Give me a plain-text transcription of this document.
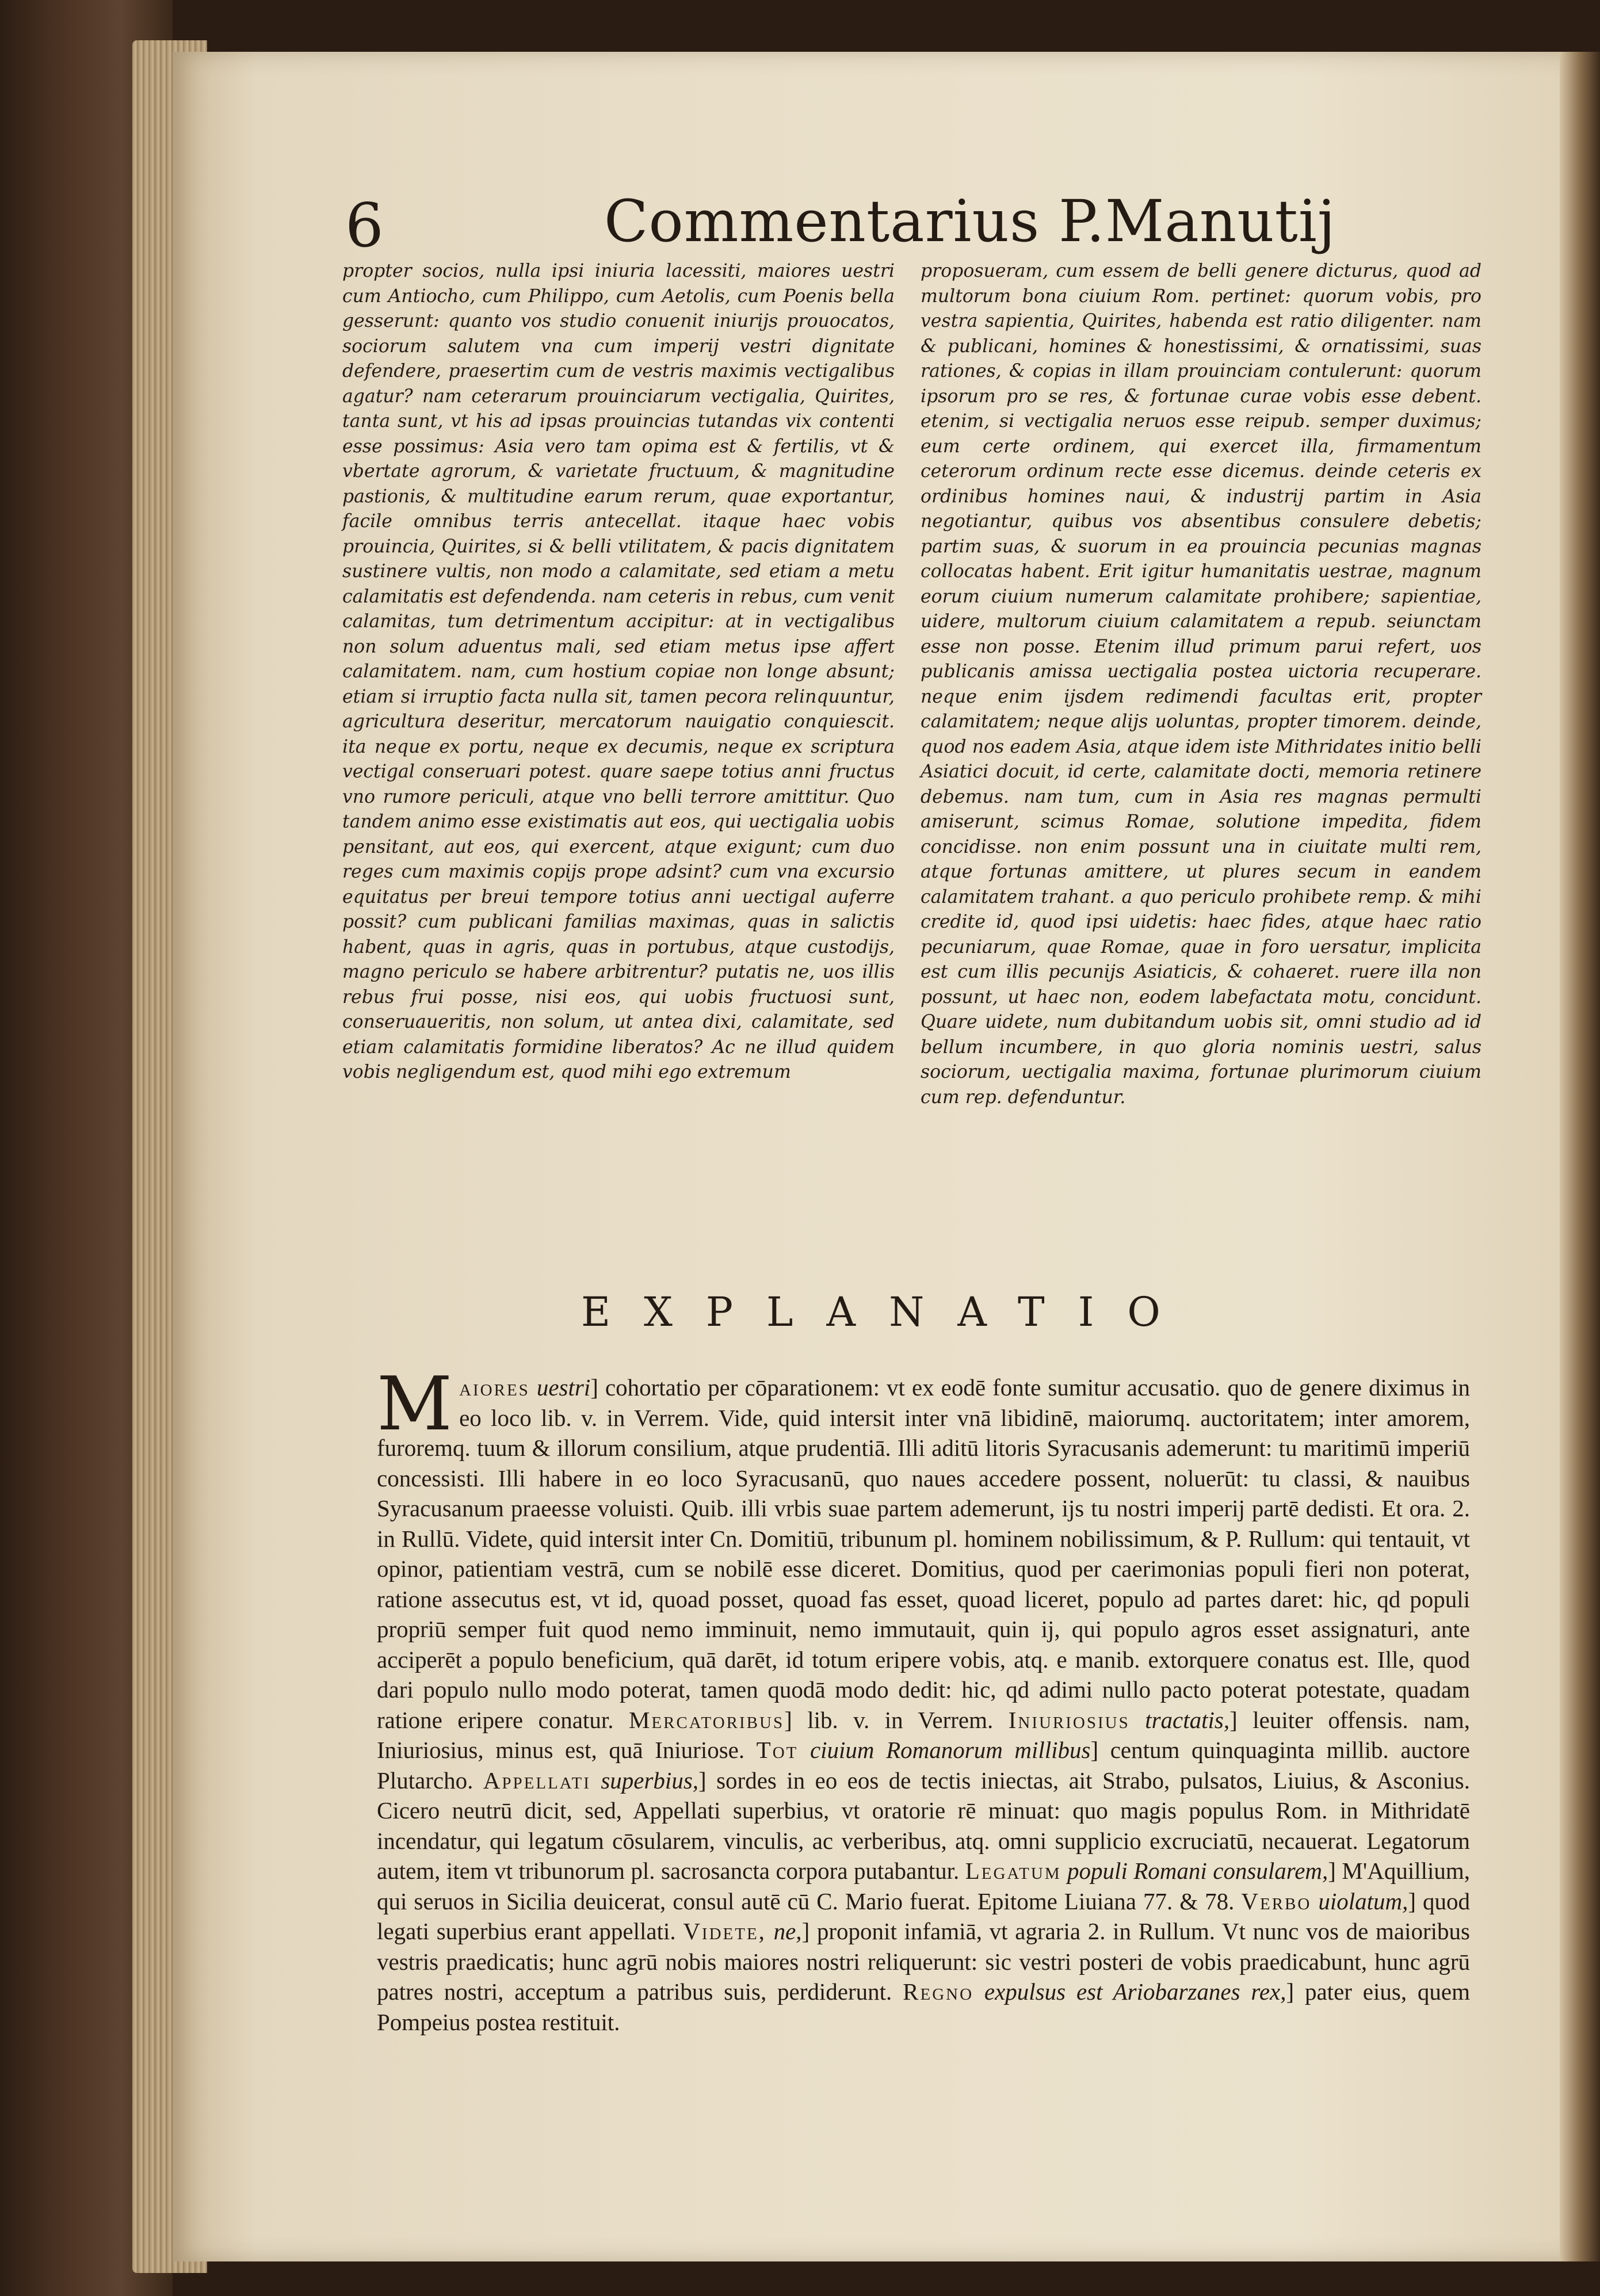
6	Commentarius P.Manutij
propter socios, nulla ipsi iniuria lacessiti, maiores uestri cum Antiocho, cum Philippo, cum Aetolis, cum Poenis bella gesserunt: quanto vos studio conuenit iniurijs prouocatos, sociorum salutem vna cum imperij vestri dignitate defendere, praesertim cum de vestris maximis vectigalibus agatur? nam ceterarum prouinciarum vectigalia, Quirites, tanta sunt, vt his ad ipsas prouincias tutandas vix contenti esse possimus: Asia vero tam opima est & fertilis, vt & vbertate agrorum, & varietate fructuum, & magnitudine pastionis, & multitudine earum rerum, quae exportantur, facile omnibus terris antecellat. itaque haec vobis prouincia, Quirites, si & belli vtilitatem, & pacis dignitatem sustinere vultis, non modo a calamitate, sed etiam a metu calamitatis est defendenda. nam ceteris in rebus, cum venit calamitas, tum detrimentum accipitur: at in vectigalibus non solum aduentus mali, sed etiam metus ipse affert calamitatem. nam, cum hostium copiae non longe absunt; etiam si irruptio facta nulla sit, tamen pecora relinquuntur, agricultura deseritur, mercatorum nauigatio conquiescit. ita neque ex portu, neque ex decumis, neque ex scriptura vectigal conseruari potest. quare saepe totius anni fructus vno rumore periculi, atque vno belli terrore amittitur. Quo tandem animo esse existimatis aut eos, qui uectigalia uobis pensitant, aut eos, qui exercent, atque exigunt; cum duo reges cum maximis copijs prope adsint? cum vna excursio equitatus per breui tempore totius anni uectigal auferre possit? cum publicani familias maximas, quas in salictis habent, quas in agris, quas in portubus, atque custodijs, magno periculo se habere arbitrentur? putatis ne, uos illis rebus frui posse, nisi eos, qui uobis fructuosi sunt, conseruaueritis, non solum, ut antea dixi, calamitate, sed etiam calamitatis formidine liberatos? Ac ne illud quidem vobis negligendum est, quod mihi ego extremum
proposueram, cum essem de belli genere dicturus, quod ad multorum bona ciuium Rom. pertinet: quorum vobis, pro vestra sapientia, Quirites, habenda est ratio diligenter. nam & publicani, homines & honestissimi, & ornatissimi, suas rationes, & copias in illam prouinciam contulerunt: quorum ipsorum pro se res, & fortunae curae vobis esse debent. etenim, si vectigalia neruos esse reipub. semper duximus; eum certe ordinem, qui exercet illa, firmamentum ceterorum ordinum recte esse dicemus. deinde ceteris ex ordinibus homines naui, & industrij partim in Asia negotiantur, quibus vos absentibus consulere debetis; partim suas, & suorum in ea prouincia pecunias magnas collocatas habent. Erit igitur humanitatis uestrae, magnum eorum ciuium numerum calamitate prohibere; sapientiae, uidere, multorum ciuium calamitatem a repub. seiunctam esse non posse. Etenim illud primum parui refert, uos publicanis amissa uectigalia postea uictoria recuperare. neque enim ijsdem redimendi facultas erit, propter calamitatem; neque alijs uoluntas, propter timorem. deinde, quod nos eadem Asia, atque idem iste Mithridates initio belli Asiatici docuit, id certe, calamitate docti, memoria retinere debemus. nam tum, cum in Asia res magnas permulti amiserunt, scimus Romae, solutione impedita, fidem concidisse. non enim possunt una in ciuitate multi rem, atque fortunas amittere, ut plures secum in eandem calamitatem trahant. a quo periculo prohibete remp. & mihi credite id, quod ipsi uidetis: haec fides, atque haec ratio pecuniarum, quae Romae, quae in foro uersatur, implicita est cum illis pecunijs Asiaticis, & cohaeret. ruere illa non possunt, ut haec non, eodem labefactata motu, concidunt. Quare uidete, num dubitandum uobis sit, omni studio ad id bellum incumbere, in quo gloria nominis uestri, salus sociorum, uectigalia maxima, fortunae plurimorum ciuium cum rep. defenduntur.
EXPLANATIO
Maiores uestri] cohortatio per cōparationem: vt ex eodē fonte sumitur accusatio. quo de genere diximus in eo loco lib. v. in Verrem. Vide, quid intersit inter vnā libidinē, maiorumq. auctoritatem; inter amorem, furoremq. tuum & illorum consilium, atque prudentiā. Illi aditū litoris Syracusanis ademerunt: tu maritimū imperiū concessisti. Illi habere in eo loco Syracusanū, quo naues accedere possent, noluerūt: tu classi, & nauibus Syracusanum praeesse voluisti. Quib. illi vrbis suae partem ademerunt, ijs tu nostri imperij partē dedisti. Et ora. 2. in Rullū. Videte, quid intersit inter Cn. Domitiū, tribunum pl. hominem nobilissimum, & P. Rullum: qui tentauit, vt opinor, patientiam vestrā, cum se nobilē esse diceret. Domitius, quod per caerimonias populi fieri non poterat, ratione assecutus est, vt id, quoad posset, quoad fas esset, quoad liceret, populo ad partes daret: hic, qd populi propriū semper fuit quod nemo imminuit, nemo immutauit, quin ij, qui populo agros esset assignaturi, ante acciperēt a populo beneficium, quā darēt, id totum eripere vobis, atq. e manib. extorquere conatus est. Ille, quod dari populo nullo modo poterat, tamen quodā modo dedit: hic, qd adimi nullo pacto poterat potestate, quadam ratione eripere conatur. Mercatoribus] lib. v. in Verrem. Iniuriosius tractatis,] leuiter offensis. nam, Iniuriosius, minus est, quā Iniuriose. Tot ciuium Romanorum millibus] centum quinquaginta millib. auctore Plutarcho. Appellati superbius,] sordes in eo eos de tectis iniectas, ait Strabo, pulsatos, Liuius, & Asconius. Cicero neutrū dicit, sed, Appellati superbius, vt oratorie rē minuat: quo magis populus Rom. in Mithridatē incendatur, qui legatum cōsularem, vinculis, ac verberibus, atq. omni supplicio excruciatū, necauerat. Legatorum autem, item vt tribunorum pl. sacrosancta corpora putabantur. Legatum populi Romani consularem,] M'Aquillium, qui seruos in Sicilia deuicerat, consul autē cū C. Mario fuerat. Epitome Liuiana 77. & 78. Verbo uiolatum,] quod legati superbius erant appellati. Videte, ne,] proponit infamiā, vt agraria 2. in Rullum. Vt nunc vos de maioribus vestris praedicatis; hunc agrū nobis maiores nostri reliquerunt: sic vestri posteri de vobis praedicabunt, hunc agrū patres nostri, acceptum a patribus suis, perdiderunt. Regno expulsus est Ariobarzanes rex,] pater eius, quem Pompeius postea restituit.
